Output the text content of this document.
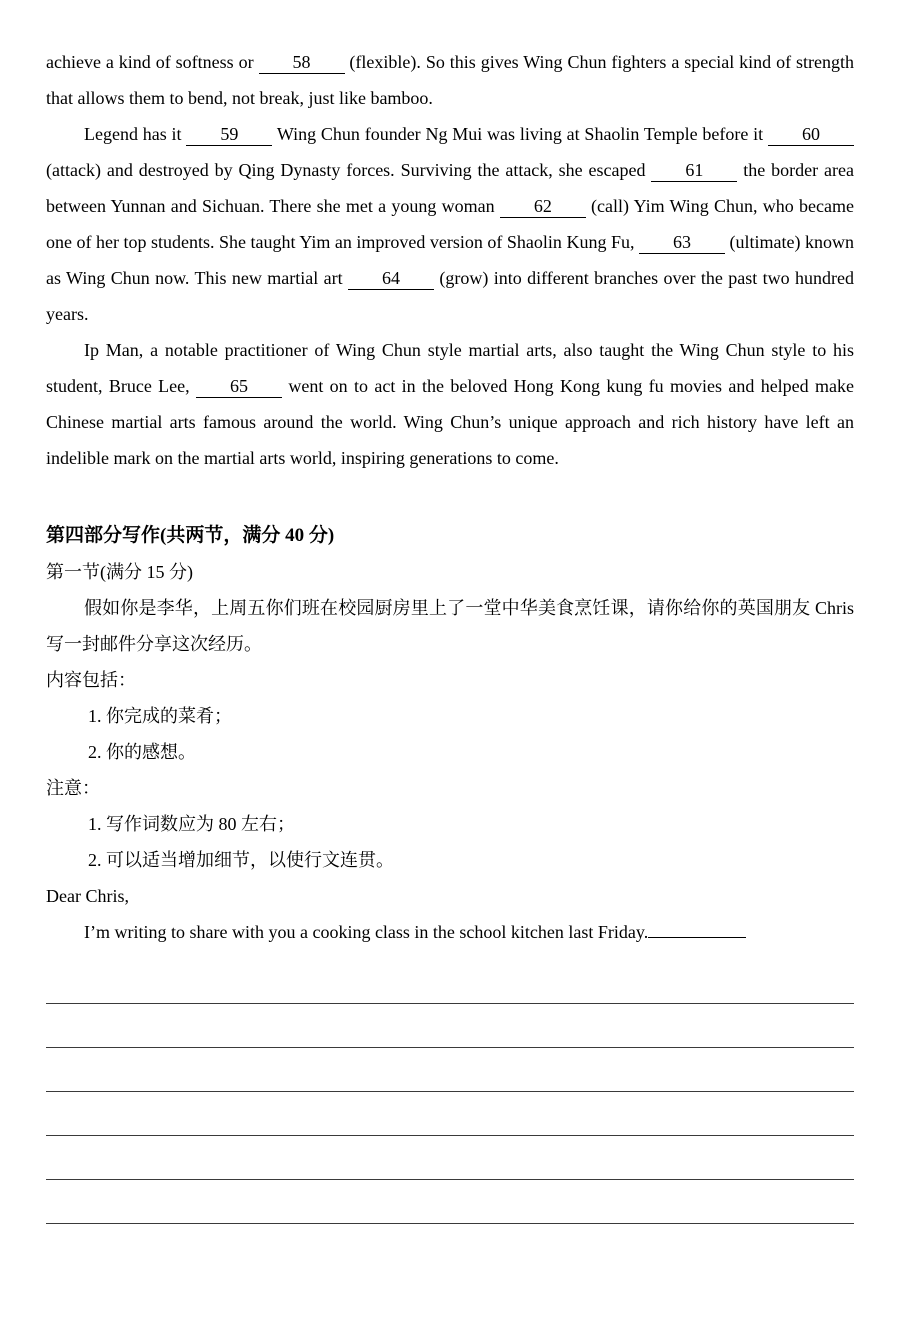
achieve a kind of softness or 58 (flexible). So this gives Wing Chun fighters a special kind of strength that allows them to bend, not break, just like bamboo.

Legend has it 59 Wing Chun founder Ng Mui was living at Shaolin Temple before it 60 (attack) and destroyed by Qing Dynasty forces. Surviving the attack, she escaped 61 the border area between Yunnan and Sichuan. There she met a young woman 62 (call) Yim Wing Chun, who became one of her top students. She taught Yim an improved version of Shaolin Kung Fu, 63 (ultimate) known as Wing Chun now. This new martial art 64 (grow) into different branches over the past two hundred years.

Ip Man, a notable practitioner of Wing Chun style martial arts, also taught the Wing Chun style to his student, Bruce Lee, 65 went on to act in the beloved Hong Kong kung fu movies and helped make Chinese martial arts famous around the world. Wing Chun’s unique approach and rich history have left an indelible mark on the martial arts world, inspiring generations to come.

第四部分写作(共两节，满分 40 分)

第一节(满分 15 分)

假如你是李华，上周五你们班在校园厨房里上了一堂中华美食烹饪课，请你给你的英国朋友 Chris 写一封邮件分享这次经历。

内容包括：

1. 你完成的菜肴；

2. 你的感想。

注意：

1. 写作词数应为 80 左右；

2. 可以适当增加细节，以使行文连贯。

Dear Chris,

I’m writing to share with you a cooking class in the school kitchen last Friday.
